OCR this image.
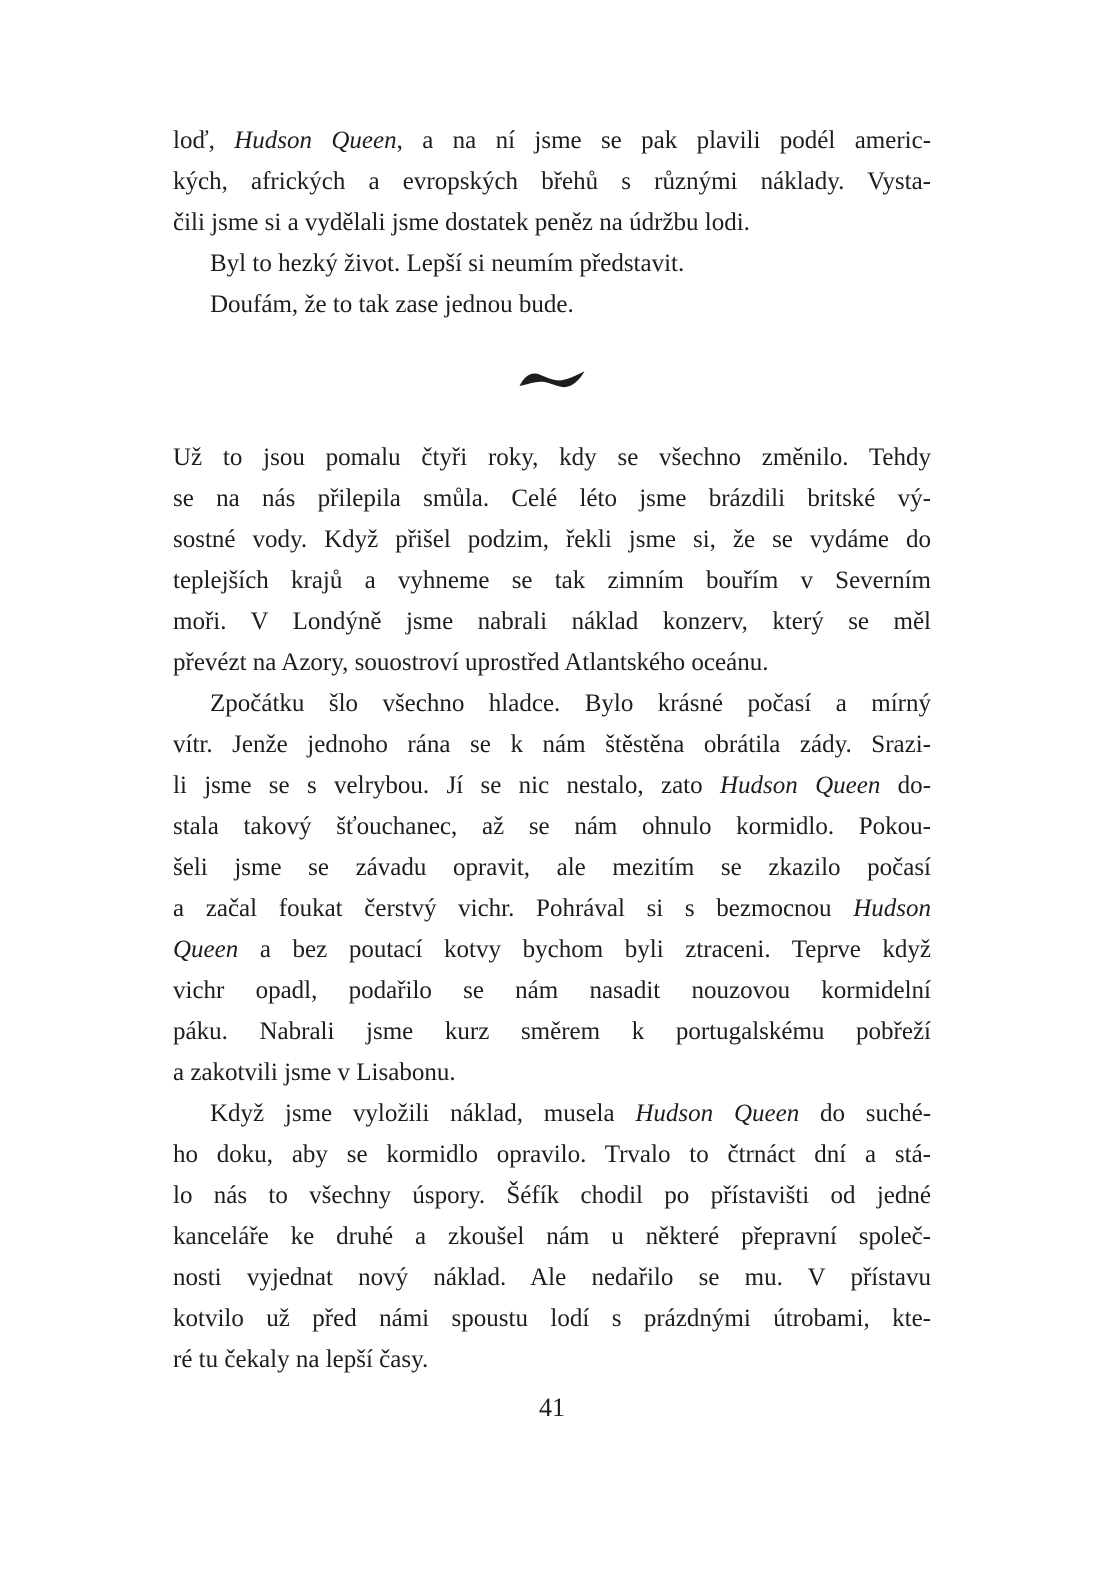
loď, Hudson Queen, a na ní jsme se pak plavili podél americ-
kých, afrických a evropských břehů s různými náklady. Vysta-
čili jsme si a vydělali jsme dostatek peněz na údržbu lodi.
Byl to hezký život. Lepší si neumím představit.
Doufám, že to tak zase jednou bude.
Už to jsou pomalu čtyři roky, kdy se všechno změnilo. Tehdy
se na nás přilepila smůla. Celé léto jsme brázdili britské vý-
sostné vody. Když přišel podzim, řekli jsme si, že se vydáme do
teplejších krajů a vyhneme se tak zimním bouřím v Severním
moři. V Londýně jsme nabrali náklad konzerv, který se měl
převézt na Azory, souostroví uprostřed Atlantského oceánu.
Zpočátku šlo všechno hladce. Bylo krásné počasí a mírný
vítr. Jenže jednoho rána se k nám štěstěna obrátila zády. Srazi-
li jsme se s velrybou. Jí se nic nestalo, zato Hudson Queen do-
stala takový šťouchanec, až se nám ohnulo kormidlo. Pokou-
šeli jsme se závadu opravit, ale mezitím se zkazilo počasí
a začal foukat čerstvý vichr. Pohrával si s bezmocnou Hudson
Queen a bez poutací kotvy bychom byli ztraceni. Teprve když
vichr opadl, podařilo se nám nasadit nouzovou kormidelní
páku. Nabrali jsme kurz směrem k portugalskému pobřeží
a zakotvili jsme v Lisabonu.
Když jsme vyložili náklad, musela Hudson Queen do suché-
ho doku, aby se kormidlo opravilo. Trvalo to čtrnáct dní a stá-
lo nás to všechny úspory. Šéfík chodil po přístavišti od jedné
kanceláře ke druhé a zkoušel nám u některé přepravní společ-
nosti vyjednat nový náklad. Ale nedařilo se mu. V přístavu
kotvilo už před námi spoustu lodí s prázdnými útrobami, kte-
ré tu čekaly na lepší časy.
41
